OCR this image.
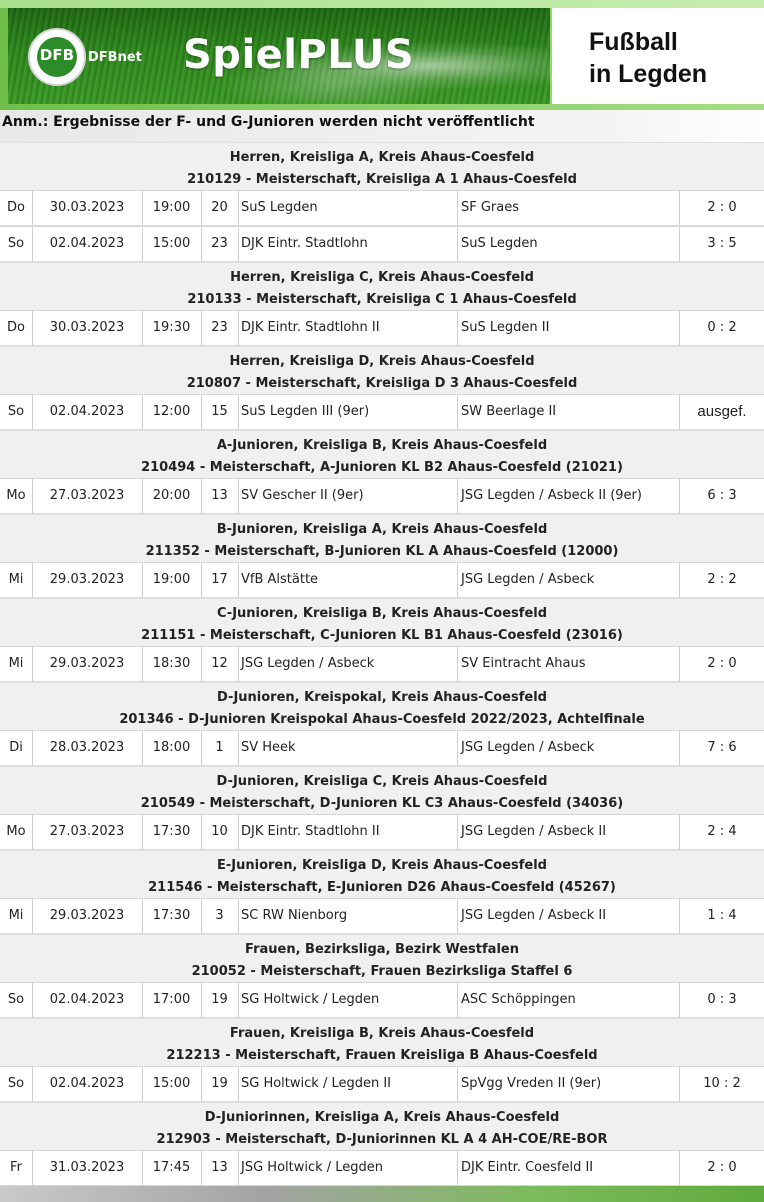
DFB DFBnet SpielPLUS	Fußball
in Legden
Anm.: Ergebnisse der F- und G-Junioren werden nicht veröffentlicht
Herren, Kreisliga A, Kreis Ahaus-Coesfeld
210129 - Meisterschaft, Kreisliga A 1 Ahaus-Coesfeld
Do	30.03.2023	19:00	20	SuS Legden	SF Graes	2 : 0
So	02.04.2023	15:00	23	DJK Eintr. Stadtlohn	SuS Legden	3 : 5
Herren, Kreisliga C, Kreis Ahaus-Coesfeld
210133 - Meisterschaft, Kreisliga C 1 Ahaus-Coesfeld
Do	30.03.2023	19:30	23	DJK Eintr. Stadtlohn II	SuS Legden II	0 : 2
Herren, Kreisliga D, Kreis Ahaus-Coesfeld
210807 - Meisterschaft, Kreisliga D 3 Ahaus-Coesfeld
So	02.04.2023	12:00	15	SuS Legden III (9er)	SW Beerlage II	ausgef.
A-Junioren, Kreisliga B, Kreis Ahaus-Coesfeld
210494 - Meisterschaft, A-Junioren KL B2 Ahaus-Coesfeld (21021)
Mo	27.03.2023	20:00	13	SV Gescher II (9er)	JSG Legden / Asbeck II (9er)	6 : 3
B-Junioren, Kreisliga A, Kreis Ahaus-Coesfeld
211352 - Meisterschaft, B-Junioren KL A Ahaus-Coesfeld (12000)
Mi	29.03.2023	19:00	17	VfB Alstätte	JSG Legden / Asbeck	2 : 2
C-Junioren, Kreisliga B, Kreis Ahaus-Coesfeld
211151 - Meisterschaft, C-Junioren KL B1 Ahaus-Coesfeld (23016)
Mi	29.03.2023	18:30	12	JSG Legden / Asbeck	SV Eintracht Ahaus	2 : 0
D-Junioren, Kreispokal, Kreis Ahaus-Coesfeld
201346 - D-Junioren Kreispokal Ahaus-Coesfeld 2022/2023, Achtelfinale
Di	28.03.2023	18:00	1	SV Heek	JSG Legden / Asbeck	7 : 6
D-Junioren, Kreisliga C, Kreis Ahaus-Coesfeld
210549 - Meisterschaft, D-Junioren KL C3 Ahaus-Coesfeld (34036)
Mo	27.03.2023	17:30	10	DJK Eintr. Stadtlohn II	JSG Legden / Asbeck II	2 : 4
E-Junioren, Kreisliga D, Kreis Ahaus-Coesfeld
211546 - Meisterschaft, E-Junioren D26 Ahaus-Coesfeld (45267)
Mi	29.03.2023	17:30	3	SC RW Nienborg	JSG Legden / Asbeck II	1 : 4
Frauen, Bezirksliga, Bezirk Westfalen
210052 - Meisterschaft, Frauen Bezirksliga Staffel 6
So	02.04.2023	17:00	19	SG Holtwick / Legden	ASC Schöppingen	0 : 3
Frauen, Kreisliga B, Kreis Ahaus-Coesfeld
212213 - Meisterschaft, Frauen Kreisliga B Ahaus-Coesfeld
So	02.04.2023	15:00	19	SG Holtwick / Legden II	SpVgg Vreden II (9er)	10 : 2
D-Juniorinnen, Kreisliga A, Kreis Ahaus-Coesfeld
212903 - Meisterschaft, D-Juniorinnen KL A 4 AH-COE/RE-BOR
Fr	31.03.2023	17:45	13	JSG Holtwick / Legden	DJK Eintr. Coesfeld II	2 : 0
